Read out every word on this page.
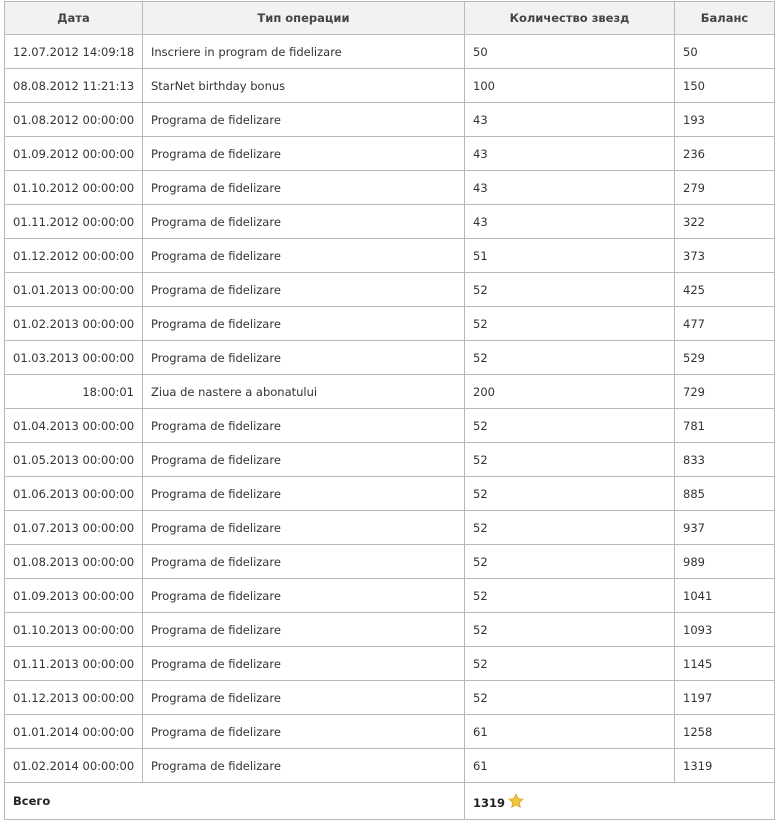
Дата	Тип операции	Количество звезд	Баланс
12.07.2012 14:09:18	Inscriere in program de fidelizare	50	50
08.08.2012 11:21:13	StarNet birthday bonus	100	150
01.08.2012 00:00:00	Programa de fidelizare	43	193
01.09.2012 00:00:00	Programa de fidelizare	43	236
01.10.2012 00:00:00	Programa de fidelizare	43	279
01.11.2012 00:00:00	Programa de fidelizare	43	322
01.12.2012 00:00:00	Programa de fidelizare	51	373
01.01.2013 00:00:00	Programa de fidelizare	52	425
01.02.2013 00:00:00	Programa de fidelizare	52	477
01.03.2013 00:00:00	Programa de fidelizare	52	529
18:00:01	Ziua de nastere a abonatului	200	729
01.04.2013 00:00:00	Programa de fidelizare	52	781
01.05.2013 00:00:00	Programa de fidelizare	52	833
01.06.2013 00:00:00	Programa de fidelizare	52	885
01.07.2013 00:00:00	Programa de fidelizare	52	937
01.08.2013 00:00:00	Programa de fidelizare	52	989
01.09.2013 00:00:00	Programa de fidelizare	52	1041
01.10.2013 00:00:00	Programa de fidelizare	52	1093
01.11.2013 00:00:00	Programa de fidelizare	52	1145
01.12.2013 00:00:00	Programa de fidelizare	52	1197
01.01.2014 00:00:00	Programa de fidelizare	61	1258
01.02.2014 00:00:00	Programa de fidelizare	61	1319
Всего		1319	
